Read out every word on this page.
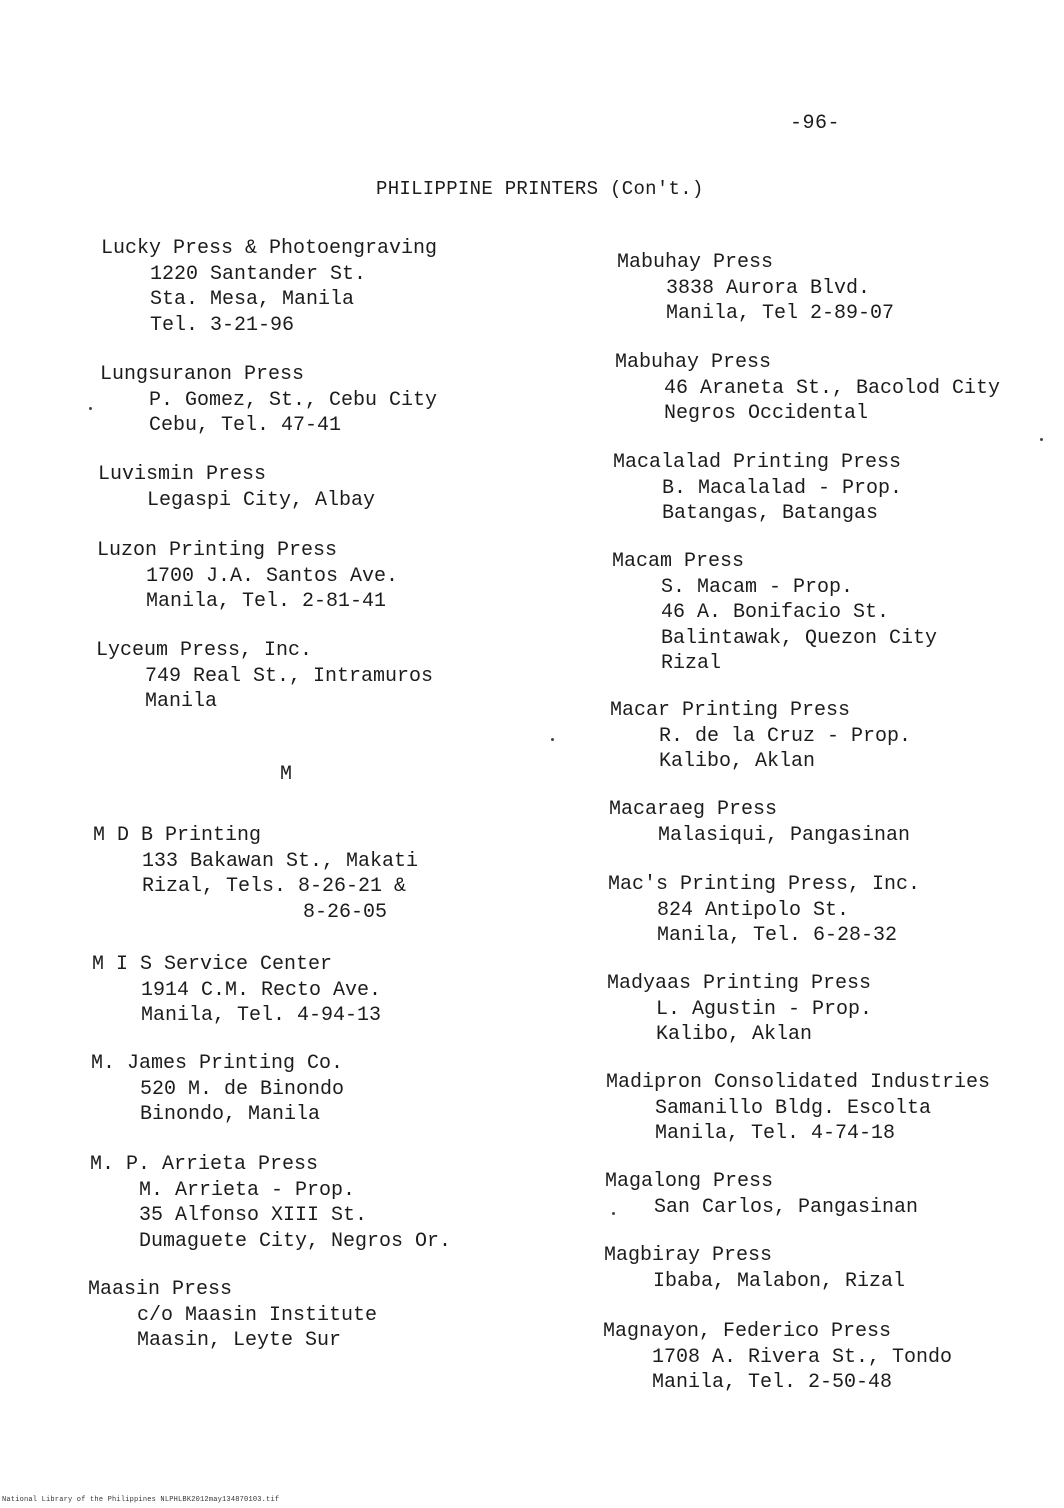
-96-
PHILIPPINE PRINTERS (Con't.)
Lucky Press & Photoengraving
1220 Santander St.
Sta. Mesa, Manila
Tel. 3-21-96
Lungsuranon Press
P. Gomez, St., Cebu City
Cebu, Tel. 47-41
Luvismin Press
Legaspi City, Albay
Luzon Printing Press
1700 J.A. Santos Ave.
Manila, Tel. 2-81-41
Lyceum Press, Inc.
749 Real St., Intramuros
Manila
M
M D B Printing
133 Bakawan St., Makati
Rizal, Tels. 8-26-21 &
8-26-05
M I S Service Center
1914 C.M. Recto Ave.
Manila, Tel. 4-94-13
M. James Printing Co.
520 M. de Binondo
Binondo, Manila
M. P. Arrieta Press
M. Arrieta - Prop.
35 Alfonso XIII St.
Dumaguete City, Negros Or.
Maasin Press
c/o Maasin Institute
Maasin, Leyte Sur
Mabuhay Press
3838 Aurora Blvd.
Manila, Tel 2-89-07
Mabuhay Press
46 Araneta St., Bacolod City
Negros Occidental
Macalalad Printing Press
B. Macalalad - Prop.
Batangas, Batangas
Macam Press
S. Macam - Prop.
46 A. Bonifacio St.
Balintawak, Quezon City
Rizal
Macar Printing Press
R. de la Cruz - Prop.
Kalibo, Aklan
Macaraeg Press
Malasiqui, Pangasinan
Mac's Printing Press, Inc.
824 Antipolo St.
Manila, Tel. 6-28-32
Madyaas Printing Press
L. Agustin - Prop.
Kalibo, Aklan
Madipron Consolidated Industries
Samanillo Bldg. Escolta
Manila, Tel. 4-74-18
Magalong Press
San Carlos, Pangasinan
Magbiray Press
Ibaba, Malabon, Rizal
Magnayon, Federico Press
1708 A. Rivera St., Tondo
Manila, Tel. 2-50-48
National Library of the Philippines NLPHLBK2012may134870103.tif
